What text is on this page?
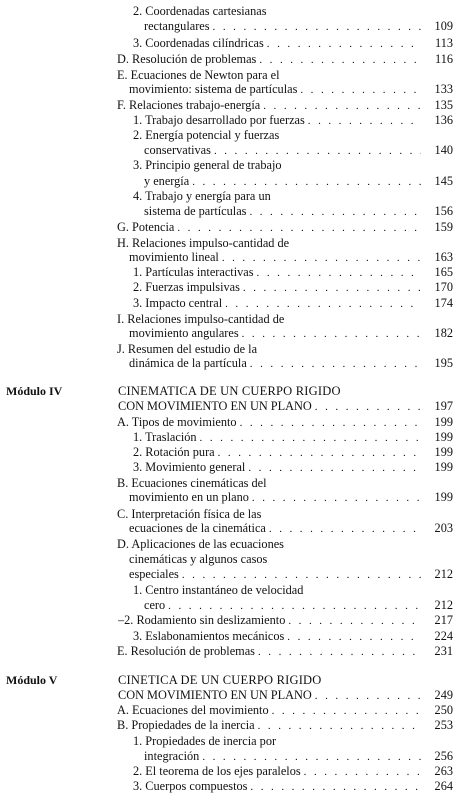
2. Coordenadas cartesianas
rectangulares . . .	109
3. Coordenadas cilíndricas . . .	113
D. Resolución de problemas . . .	116
E. Ecuaciones de Newton para el
movimiento: sistema de partículas . . .	133
F. Relaciones trabajo-energía . . .	135
1. Trabajo desarrollado por fuerzas . . .	136
2. Energía potencial y fuerzas
conservativas . . .	140
3. Principio general de trabajo
y energía . . .	145
4. Trabajo y energía para un
sistema de partículas . . .	156
G. Potencia . . .	159
H. Relaciones impulso-cantidad de
movimiento lineal . . .	163
1. Partículas interactivas . . .	165
2. Fuerzas impulsivas . . .	170
3. Impacto central . . .	174
I. Relaciones impulso-cantidad de
movimiento angulares . . .	182
J. Resumen del estudio de la
dinámica de la partícula . . .	195
Módulo IV	CINEMATICA DE UN CUERPO RIGIDO
CON MOVIMIENTO EN UN PLANO . . .	197
A. Tipos de movimiento . . .	199
1. Traslación . . .	199
2. Rotación pura . . .	199
3. Movimiento general . . .	199
B. Ecuaciones cinemáticas del
movimiento en un plano . . .	199
C. Interpretación física de las
ecuaciones de la cinemática . . .	203
D. Aplicaciones de las ecuaciones
cinemáticas y algunos casos
especiales . . .	212
1. Centro instantáneo de velocidad
cero . . .	212
– 2. Rodamiento sin deslizamiento . . .	217
3. Eslabonamientos mecánicos . . .	224
E. Resolución de problemas . . .	231
Módulo V	CINETICA DE UN CUERPO RIGIDO
CON MOVIMIENTO EN UN PLANO . . .	249
A. Ecuaciones del movimiento . . .	250
B. Propiedades de la inercia . . .	253
1. Propiedades de inercia por
integración . . .	256
2. El teorema de los ejes paralelos . . .	263
3. Cuerpos compuestos . . .	264
